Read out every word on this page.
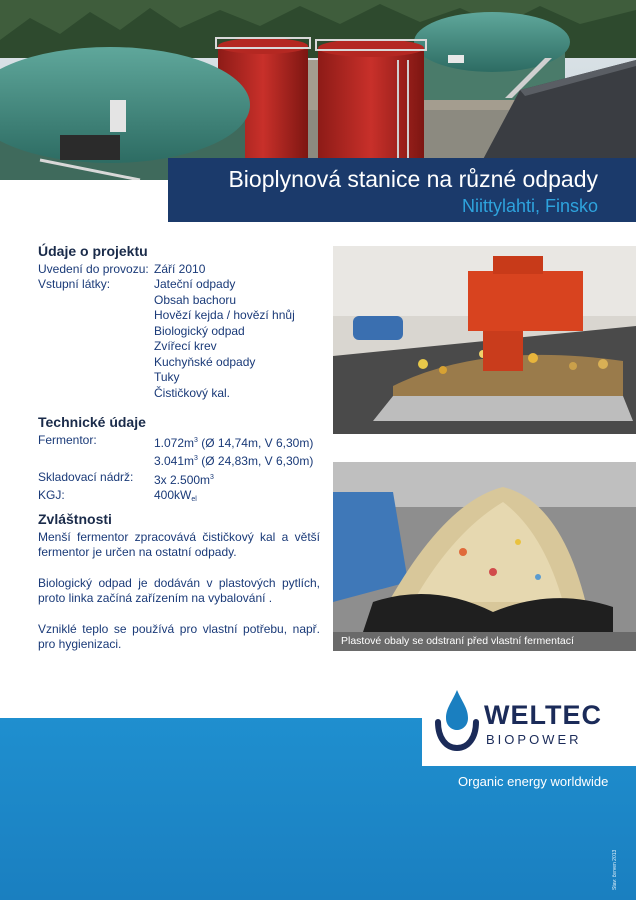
Bioplynová stanice na různé odpady
Niittylahti, Finsko
Údaje o projektu
Uvedení do provozu: Září 2010
Vstupní látky:	Jateční odpady
Obsah bachoru
Hovězí kejda / hovězí hnůj
Biologický odpad
Zvířecí krev
Kuchyňské odpady
Tuky
Čističkový kal.
Technické údaje
Fermentor:	$1.072m^3$ (Ø 14,74m, V 6,30m)
$3.041m^3$ (Ø 24,83m, V 6,30m)
Skladovací nádrž:	3x $2.500m^3$
KGJ:	$400kW_{el}$
Zvláštnosti

Menší fermentor zpracovává čističkový kal a větší fermentor je určen na ostatní odpady.

Biologický odpad je dodáván v plastových pytlích, proto linka začíná zařízením na vybalování .

Vzniklé teplo se používá pro vlastní potřebu, např. pro hygienizaci.	Plastové obaly se odstraní před vlastní fermentací
WELTEC
BIOPOWER
Organic energy worldwide
Stav: červen 2013
